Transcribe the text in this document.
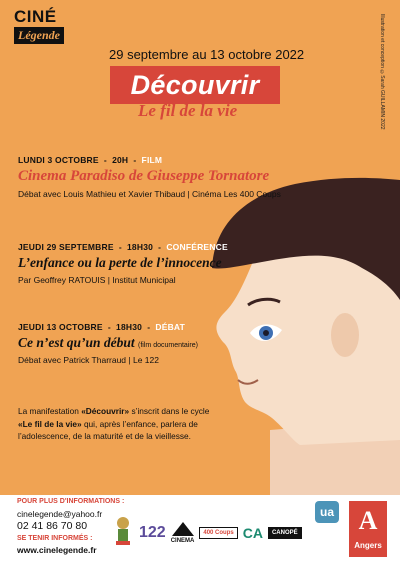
CINÉ
Légende	Illustration et conception ©Sarah GUILLAMIN 2022
29 septembre au 13 octobre 2022
Découvrir
Le fil de la vie
LUNDI 3 OCTOBRE  -  20H  -  FILM
Cinema Paradiso de Giuseppe Tornatore
Débat avec Louis Mathieu et Xavier Thibaud | Cinéma Les 400 Coups
JEUDI 29 SEPTEMBRE  -  18H30  -  CONFÉRENCE
L’enfance ou la perte de l’innocence
Par Geoffrey RATOUIS | Institut Municipal
JEUDI 13 OCTOBRE  -  18H30  -  DÉBAT
Ce n’est qu’un début (film documentaire)
Débat avec Patrick Tharraud | Le 122
La manifestation «Découvrir» s’inscrit dans le cycle «Le fil de la vie» qui, après l’enfance, parlera de l’adolescence, de la maturité et de la vieillesse.
POUR PLUS D'INFORMATIONS :
cinelegende@yahoo.fr
02 41 86 70 80
SE TENIR INFORMÉS :
www.cinelegende.fr
122 CINEMA
400 Coups CA	CANOPÉ
ua A
Angers
